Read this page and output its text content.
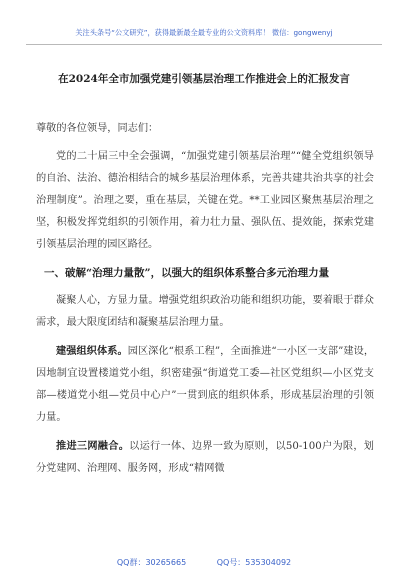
关注头条号“公文研究”，获得最新最全最专业的公文资料库！ 微信：gongwenyj
在2024年全市加强党建引领基层治理工作推进会上的汇报发言

尊敬的各位领导，同志们：

党的二十届三中全会强调，“加强党建引领基层治理”“健全党组织领导的自治、法治、德治相结合的城乡基层治理体系，完善共建共治共享的社会治理制度”。治理之要，重在基层，关键在党。**工业园区聚焦基层治理之坚，积极发挥党组织的引领作用，着力壮力量、强队伍、提效能，探索党建引领基层治理的园区路径。

一、破解“治理力量散”，以强大的组织体系整合多元治理力量

凝聚人心，方显力量。增强党组织政治功能和组织功能，要着眼于群众需求，最大限度团结和凝聚基层治理力量。

建强组织体系。园区深化“根系工程”，全面推进“一小区一支部”建设，因地制宜设置楼道党小组，织密建强“街道党工委—社区党组织—小区党支部—楼道党小组—党员中心户”一贯到底的组织体系，形成基层治理的引领力量。

推进三网融合。以运行一体、边界一致为原则，以50-100户为限，划分党建网、治理网、服务网，形成“精网微

QQ群：30265665	QQ号：535304092
